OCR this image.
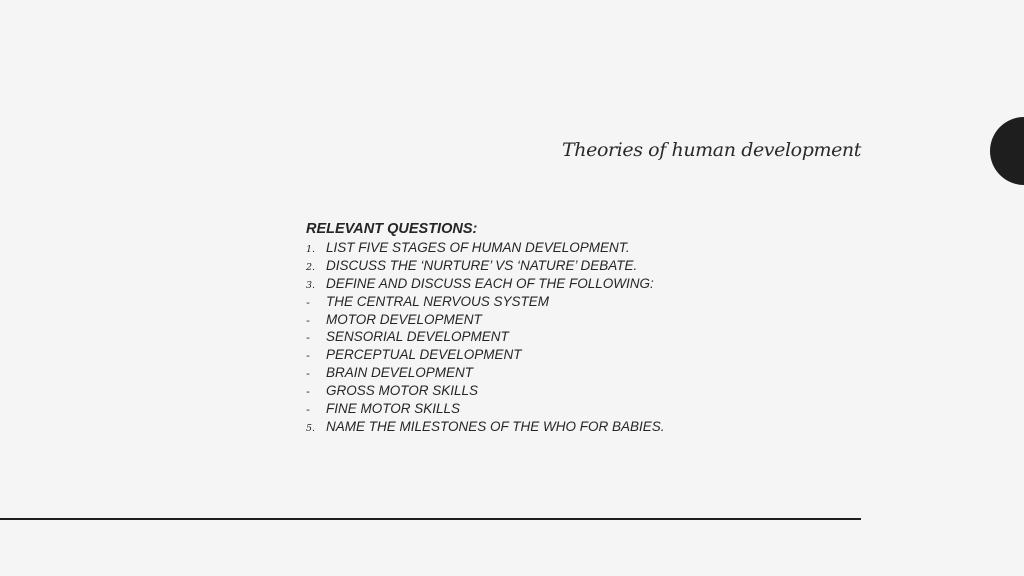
Theories of human development
RELEVANT QUESTIONS:
1. LIST FIVE STAGES OF HUMAN DEVELOPMENT.
2. DISCUSS THE ‘NURTURE’ VS ‘NATURE’ DEBATE.
3. DEFINE AND DISCUSS EACH OF THE FOLLOWING:
-	THE CENTRAL NERVOUS SYSTEM
-	MOTOR DEVELOPMENT
-	SENSORIAL DEVELOPMENT
-	PERCEPTUAL DEVELOPMENT
-	BRAIN DEVELOPMENT
-	GROSS MOTOR SKILLS
-	FINE MOTOR SKILLS
5. NAME THE MILESTONES OF THE WHO FOR BABIES.
